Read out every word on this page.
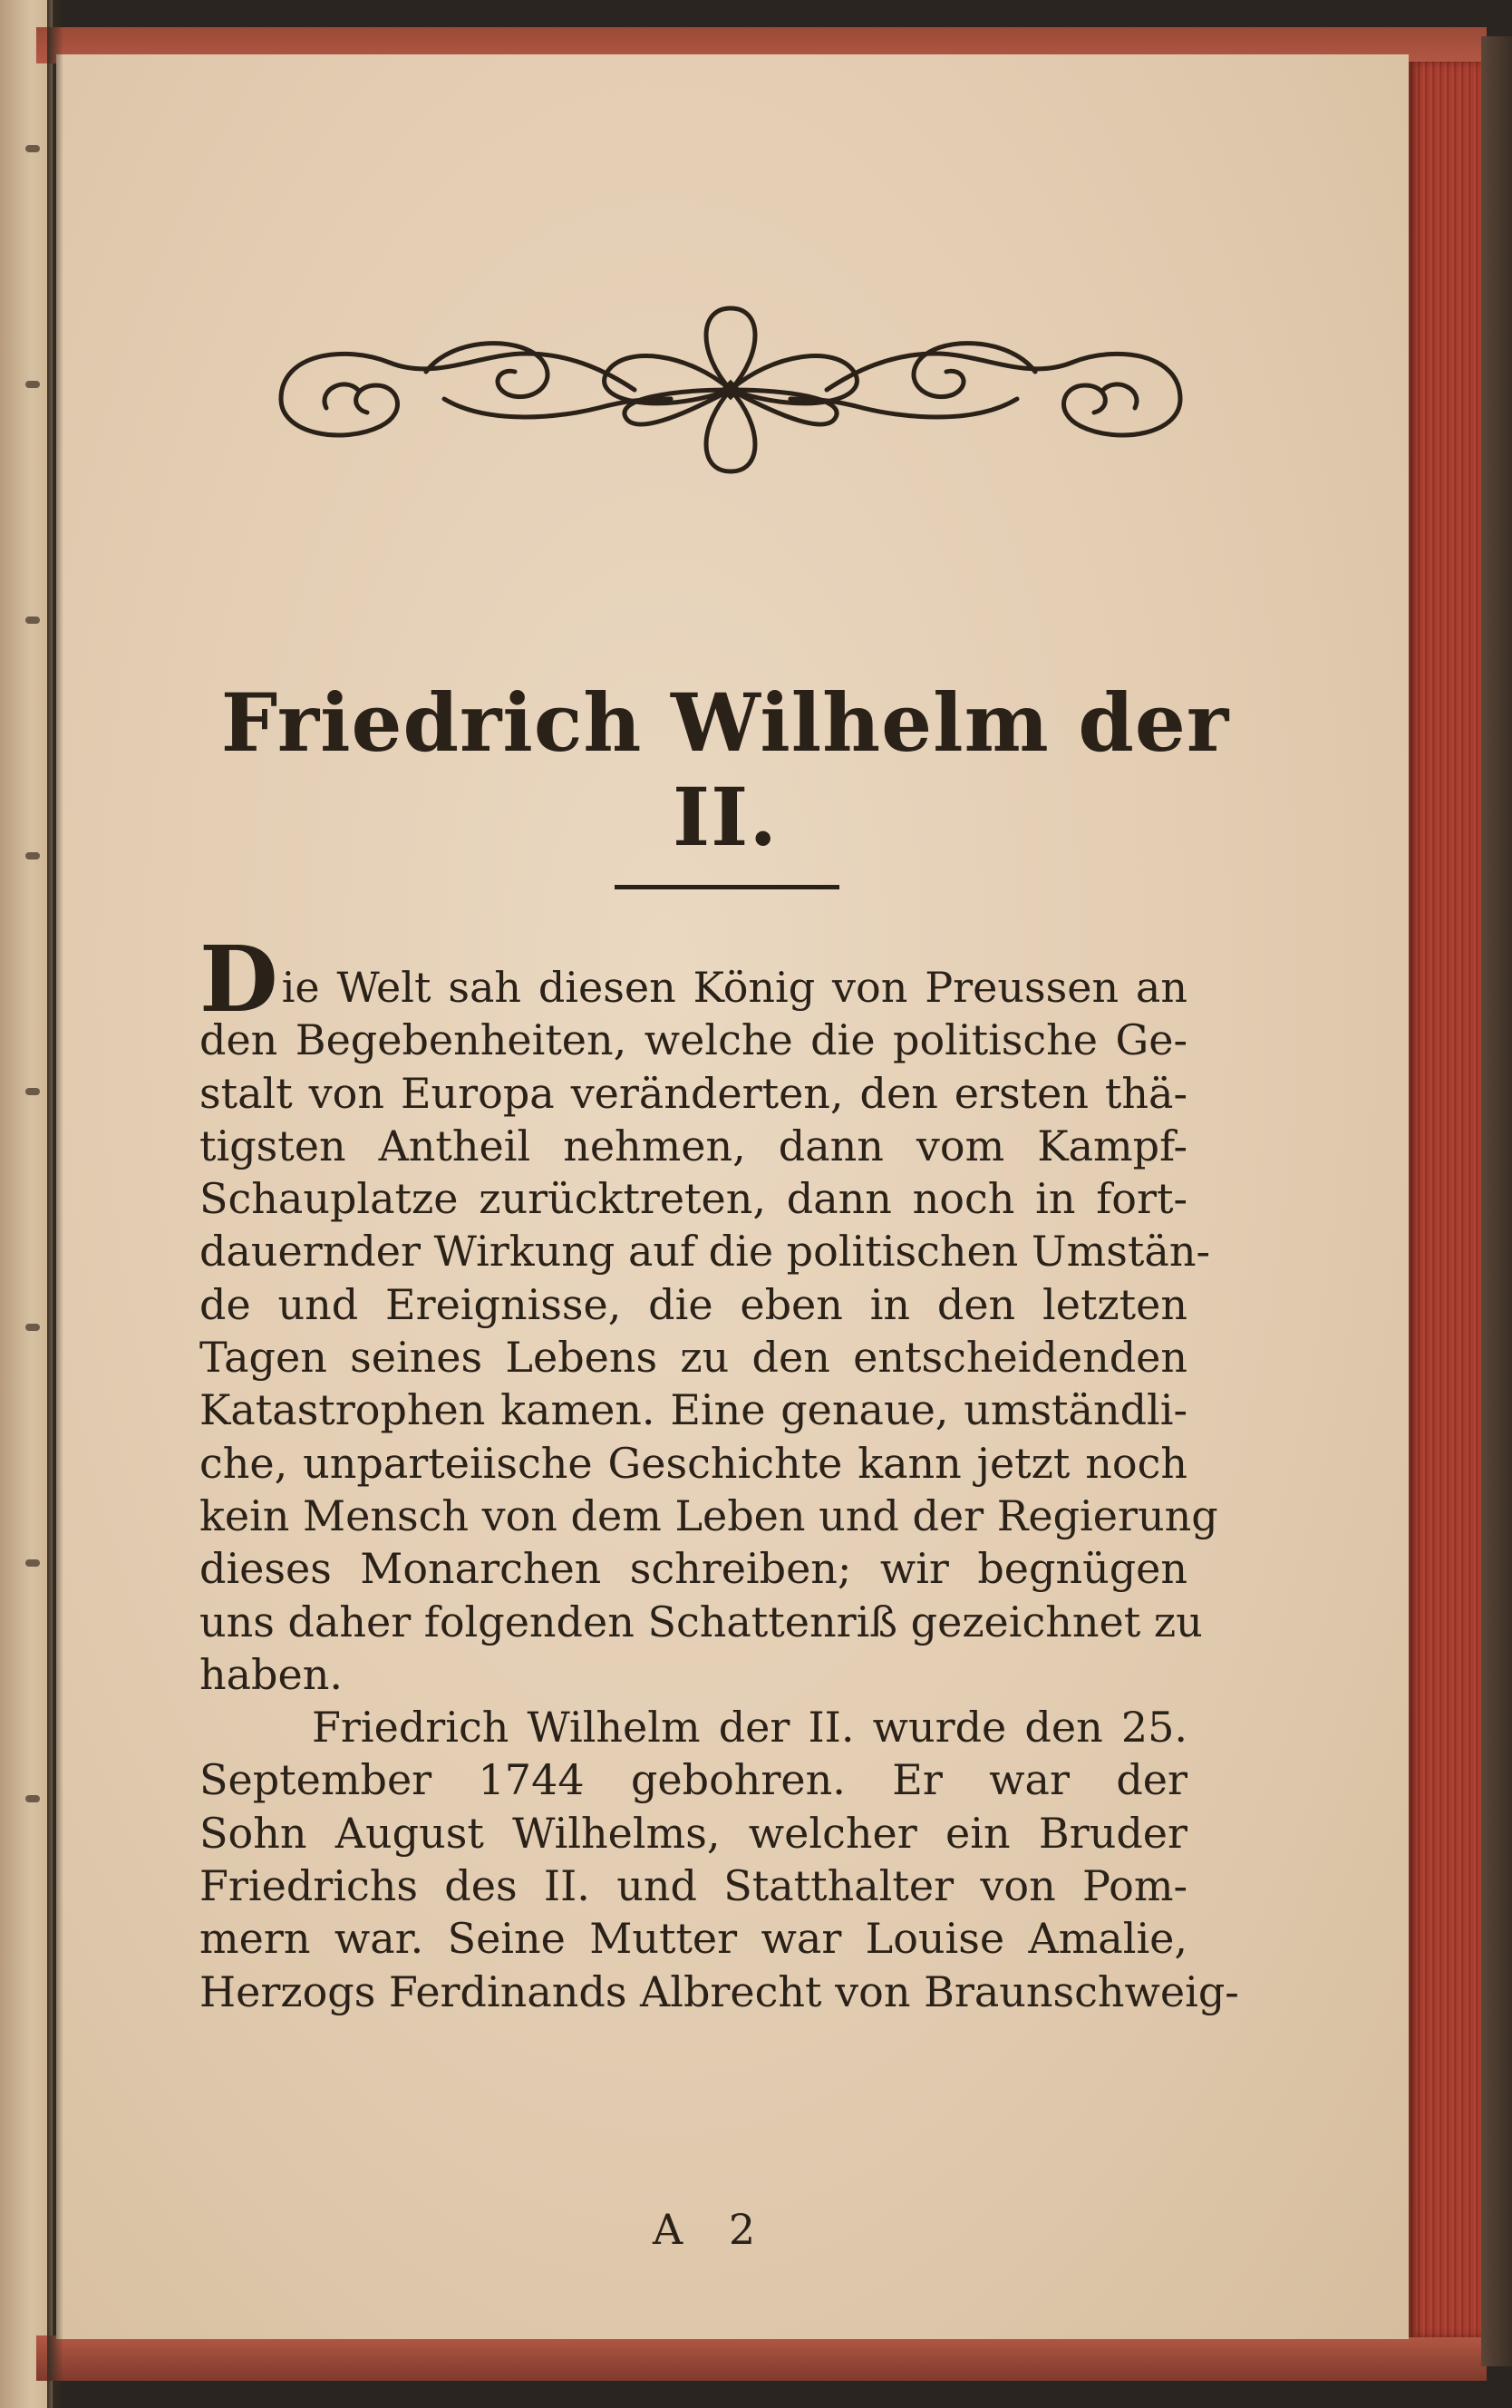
Friedrich Wilhelm der II.
Die Welt sah diesen König von Preussen an
den Begebenheiten, welche die politische Ge-
stalt von Europa veränderten, den ersten thä-
tigsten Antheil nehmen, dann vom Kampf-
Schauplatze zurücktreten, dann noch in fort-
dauernder Wirkung auf die politischen Umstän-
de und Ereignisse, die eben in den letzten
Tagen seines Lebens zu den entscheidenden
Katastrophen kamen. Eine genaue, umständli-
che, unparteiische Geschichte kann jetzt noch
kein Mensch von dem Leben und der Regierung
dieses Monarchen schreiben; wir begnügen
uns daher folgenden Schattenriß gezeichnet zu
haben.
Friedrich Wilhelm der II. wurde den 25.
September 1744 gebohren. Er war der
Sohn August Wilhelms, welcher ein Bruder
Friedrichs des II. und Statthalter von Pom-
mern war. Seine Mutter war Louise Amalie,
Herzogs Ferdinands Albrecht von Braunschweig-
A 2
